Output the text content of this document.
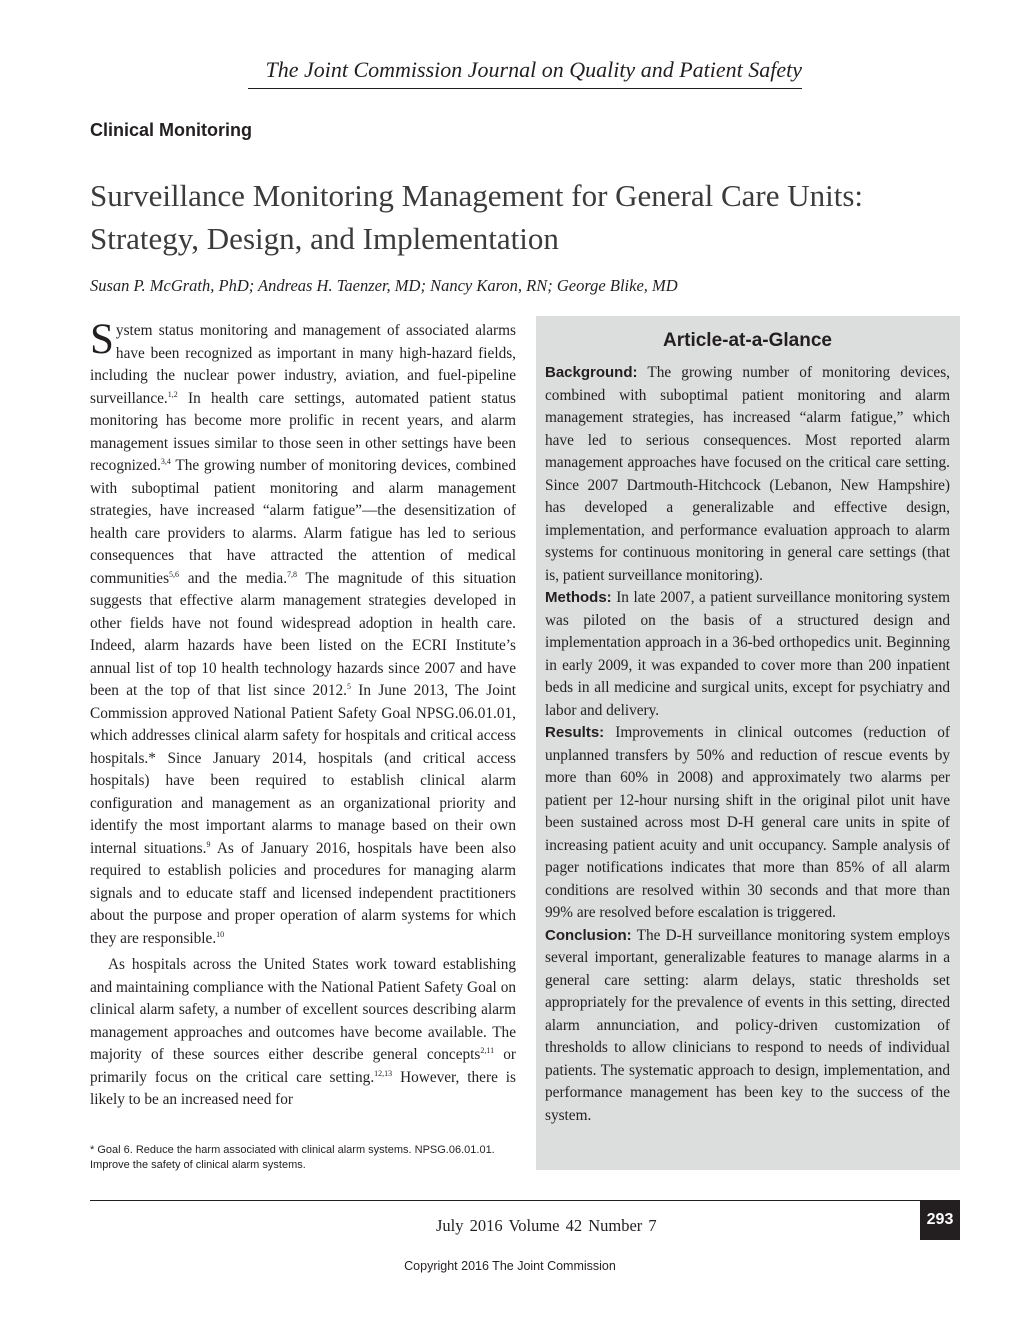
The Joint Commission Journal on Quality and Patient Safety
Clinical Monitoring
Surveillance Monitoring Management for General Care Units:
Strategy, Design, and Implementation
Susan P. McGrath, PhD; Andreas H. Taenzer, MD; Nancy Karon, RN; George Blike, MD

System status monitoring and management of associated alarms have been recognized as important in many high-hazard fields, including the nuclear power industry, aviation, and fuel-pipeline surveillance.$^{1,2}$ In health care settings, automated patient status monitoring has become more prolific in recent years, and alarm management issues similar to those seen in other settings have been recognized.$^{3,4}$ The growing number of monitoring devices, combined with suboptimal patient monitoring and alarm management strategies, have increased “alarm fatigue”—the desensitization of health care providers to alarms. Alarm fatigue has led to serious consequences that have attracted the attention of medical communities$^{5,6}$ and the media.$^{7,8}$ The magnitude of this situation suggests that effective alarm management strategies developed in other fields have not found widespread adoption in health care. Indeed, alarm hazards have been listed on the ECRI Institute’s annual list of top 10 health technology hazards since 2007 and have been at the top of that list since 2012.$^5$ In June 2013, The Joint Commission approved National Patient Safety Goal NPSG.06.01.01, which addresses clinical alarm safety for hospitals and critical access hospitals.* Since January 2014, hospitals (and critical access hospitals) have been required to establish clinical alarm configuration and management as an organizational priority and identify the most important alarms to manage based on their own internal situations.$^9$ As of January 2016, hospitals have been also required to establish policies and procedures for managing alarm signals and to educate staff and licensed independent practitioners about the purpose and proper operation of alarm systems for which they are responsible.$^{10}$

As hospitals across the United States work toward establishing and maintaining compliance with the National Patient Safety Goal on clinical alarm safety, a number of excellent sources describing alarm management approaches and outcomes have become available. The majority of these sources either describe general concepts$^{2,11}$ or primarily focus on the critical care setting.$^{12,13}$ However, there is likely to be an increased need for

* Goal 6. Reduce the harm associated with clinical alarm systems. NPSG.06.01.01. Improve the safety of clinical alarm systems.
Article-at-a-Glance

Background: The growing number of monitoring devices, combined with suboptimal patient monitoring and alarm management strategies, has increased “alarm fatigue,” which have led to serious consequences. Most reported alarm management approaches have focused on the critical care setting. Since 2007 Dartmouth-Hitchcock (Lebanon, New Hampshire) has developed a generalizable and effective design, implementation, and performance evaluation approach to alarm systems for continuous monitoring in general care settings (that is, patient surveillance monitoring).

Methods: In late 2007, a patient surveillance monitoring system was piloted on the basis of a structured design and implementation approach in a 36-bed orthopedics unit. Beginning in early 2009, it was expanded to cover more than 200 inpatient beds in all medicine and surgical units, except for psychiatry and labor and delivery.

Results: Improvements in clinical outcomes (reduction of unplanned transfers by 50% and reduction of rescue events by more than 60% in 2008) and approximately two alarms per patient per 12-hour nursing shift in the original pilot unit have been sustained across most D-H general care units in spite of increasing patient acuity and unit occupancy. Sample analysis of pager notifications indicates that more than 85% of all alarm conditions are resolved within 30 seconds and that more than 99% are resolved before escalation is triggered.

Conclusion: The D-H surveillance monitoring system employs several important, generalizable features to manage alarms in a general care setting: alarm delays, static thresholds set appropriately for the prevalence of events in this setting, directed alarm annunciation, and policy-driven customization of thresholds to allow clinicians to respond to needs of individual patients. The systematic approach to design, implementation, and performance management has been key to the success of the system.

July 2016 Volume 42 Number 7	293
Copyright 2016 The Joint Commission
